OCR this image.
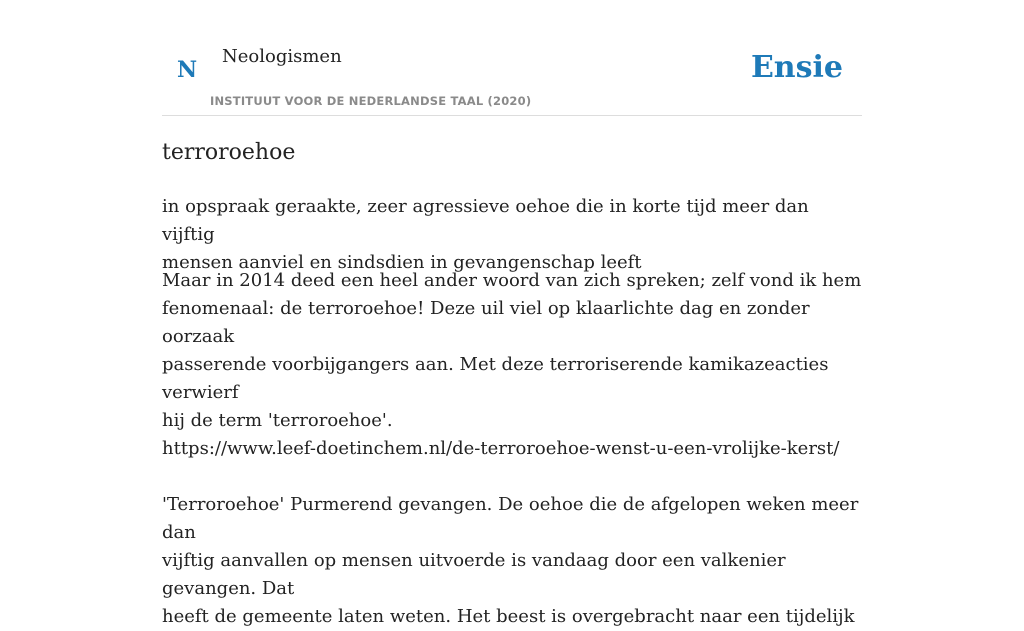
N
Neologismen
INSTITUUT VOOR DE NEDERLANDSE TAAL (2020)
Ensie
terroroehoe

in opspraak geraakte, zeer agressieve oehoe die in korte tijd meer dan vijftig
mensen aanviel en sindsdien in gevangenschap leeft

Maar in 2014 deed een heel ander woord van zich spreken; zelf vond ik hem
fenomenaal: de terroroehoe! Deze uil viel op klaarlichte dag en zonder oorzaak
passerende voorbijgangers aan. Met deze terroriserende kamikazeacties verwierf
hij de term 'terroroehoe'.
https://www.leef-doetinchem.nl/de-terroroehoe-wenst-u-een-vrolijke-kerst/
'Terroroehoe' Purmerend gevangen. De oehoe die de afgelopen weken meer dan
vijftig aanvallen op mensen uitvoerde is vandaag door een valkenier gevangen. Dat
heeft de gemeente laten weten. Het beest is overgebracht naar een tijdelijk
